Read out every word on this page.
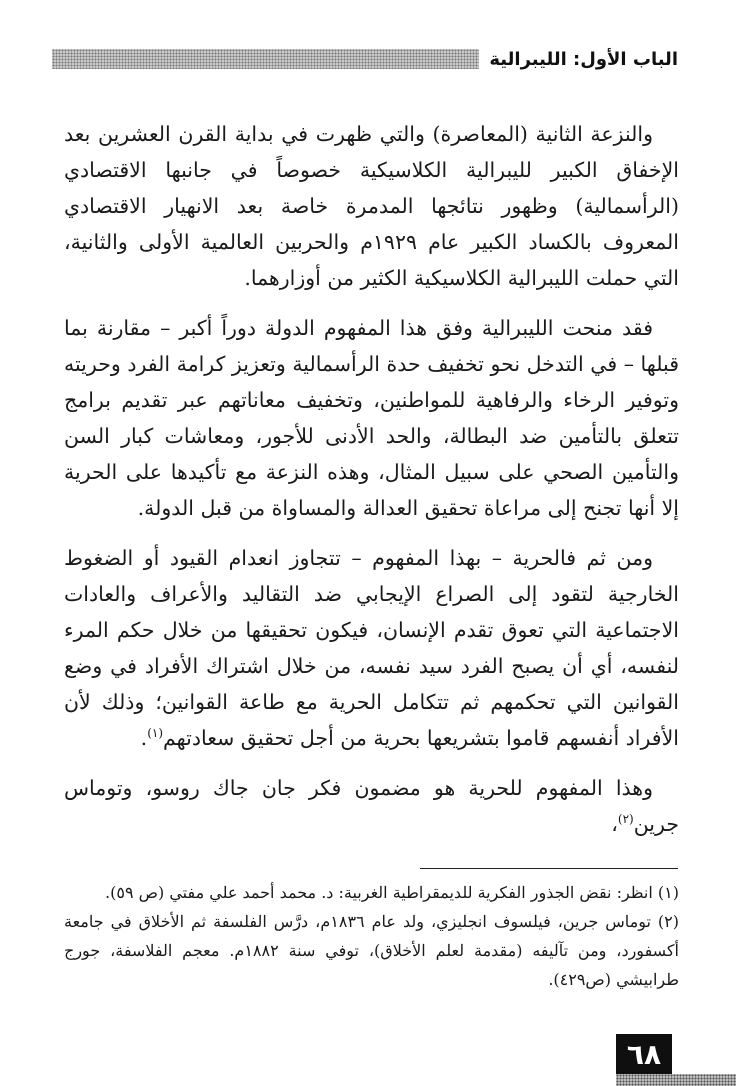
الباب الأول: الليبرالية

والنزعة الثانية (المعاصرة) والتي ظهرت في بداية القرن العشرين بعد الإخفاق الكبير لليبرالية الكلاسيكية خصوصاً في جانبها الاقتصادي (الرأسمالية) وظهور نتائجها المدمرة خاصة بعد الانهيار الاقتصادي المعروف بالكساد الكبير عام ١٩٢٩م والحربين العالمية الأولى والثانية، التي حملت الليبرالية الكلاسيكية الكثير من أوزارهما.

فقد منحت الليبرالية وفق هذا المفهوم الدولة دوراً أكبر – مقارنة بما قبلها – في التدخل نحو تخفيف حدة الرأسمالية وتعزيز كرامة الفرد وحريته وتوفير الرخاء والرفاهية للمواطنين، وتخفيف معاناتهم عبر تقديم برامج تتعلق بالتأمين ضد البطالة، والحد الأدنى للأجور، ومعاشات كبار السن والتأمين الصحي على سبيل المثال، وهذه النزعة مع تأكيدها على الحرية إلا أنها تجنح إلى مراعاة تحقيق العدالة والمساواة من قبل الدولة.

ومن ثم فالحرية – بهذا المفهوم – تتجاوز انعدام القيود أو الضغوط الخارجية لتقود إلى الصراع الإيجابي ضد التقاليد والأعراف والعادات الاجتماعية التي تعوق تقدم الإنسان، فيكون تحقيقها من خلال حكم المرء لنفسه، أي أن يصبح الفرد سيد نفسه، من خلال اشتراك الأفراد في وضع القوانين التي تحكمهم ثم تتكامل الحرية مع طاعة القوانين؛ وذلك لأن الأفراد أنفسهم قاموا بتشريعها بحرية من أجل تحقيق سعادتهم$^{(١)}$.

وهذا المفهوم للحرية هو مضمون فكر جان جاك روسو، وتوماس جرين$^{(٢)}$،

(١) انظر: نقض الجذور الفكرية للديمقراطية الغربية: د. محمد أحمد علي مفتي (ص ٥٩).

(٢) توماس جرين، فيلسوف انجليزي، ولد عام ١٨٣٦م، درَّس الفلسفة ثم الأخلاق في جامعة أكسفورد، ومن تآليفه (مقدمة لعلم الأخلاق)، توفي سنة ١٨٨٢م. معجم الفلاسفة، جورج طرابيشي (ص٤٢٩).

٦٨
